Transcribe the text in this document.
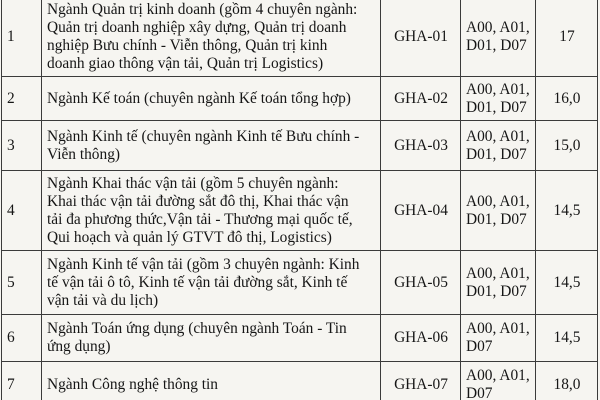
1	Ngành Quản trị kinh doanh (gồm 4 chuyên ngành:
Quản trị doanh nghiệp xây dựng, Quản trị doanh
nghiệp Bưu chính - Viễn thông, Quản trị kinh
doanh giao thông vận tải, Quản trị Logistics)	GHA-01	A00, A01,
D01, D07	17
2	Ngành Kế toán (chuyên ngành Kế toán tổng hợp)	GHA-02	A00, A01,
D01, D07	16,0
3	Ngành Kinh tế (chuyên ngành Kinh tế Bưu chính -
Viễn thông)	GHA-03	A00, A01,
D01, D07	15,0
4	Ngành Khai thác vận tải (gồm 5 chuyên ngành:
Khai thác vận tải đường sắt đô thị, Khai thác vận
tải đa phương thức,Vận tải - Thương mại quốc tế,
Qui hoạch và quản lý GTVT đô thị, Logistics)	GHA-04	A00, A01,
D01, D07	14,5
5	Ngành Kinh tế vận tải (gồm 3 chuyên ngành: Kinh
tế vận tải ô tô, Kinh tế vận tải đường sắt, Kinh tế
vận tải và du lịch)	GHA-05	A00, A01,
D01, D07	14,5
6	Ngành Toán ứng dụng (chuyên ngành Toán - Tin
ứng dụng)	GHA-06	A00, A01,
D07	14,5
7	Ngành Công nghệ thông tin	GHA-07	A00, A01,
D07	18,0
